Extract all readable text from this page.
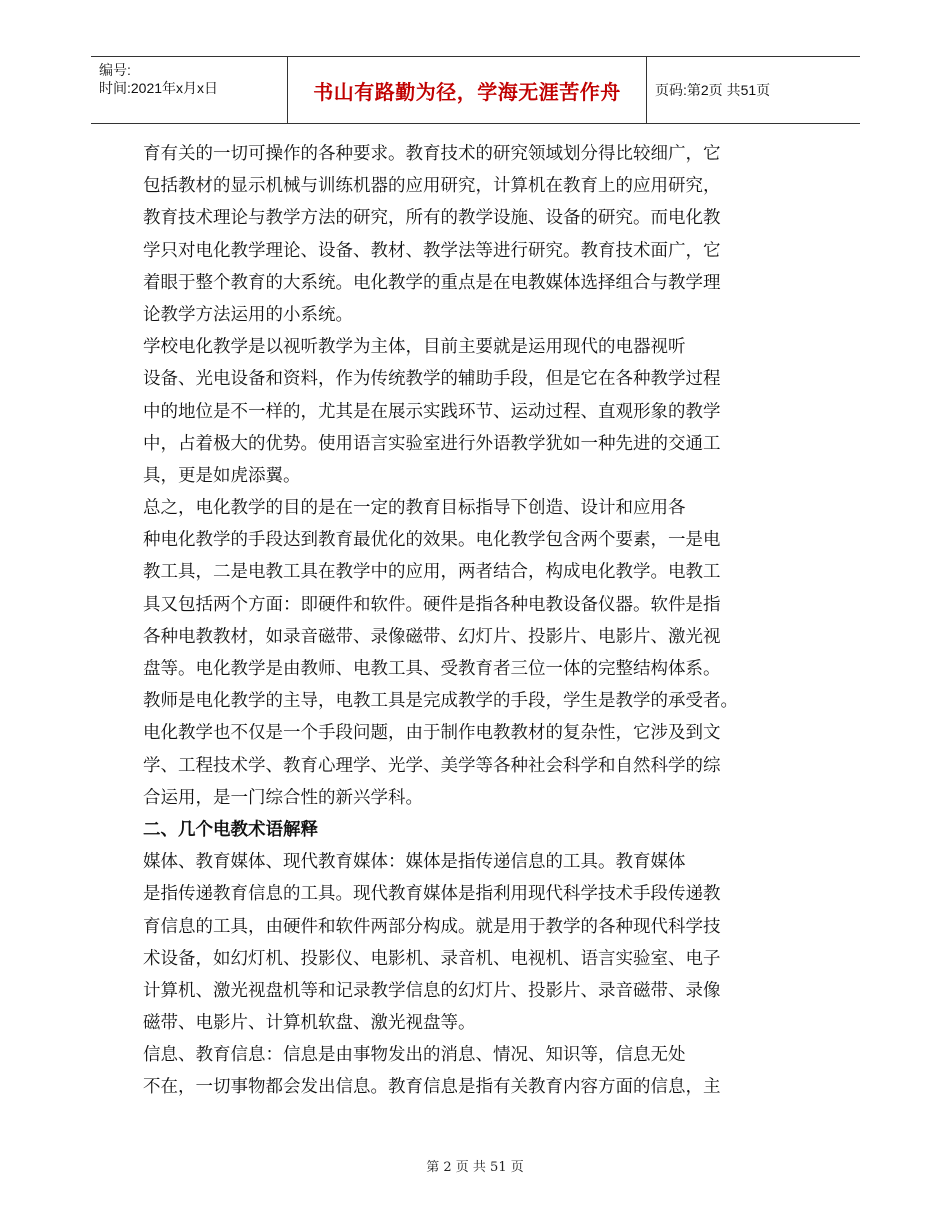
编号:
时间:2021年x月x日	书山有路勤为径，学海无涯苦作舟 页码:第2页 共51页
育有关的一切可操作的各种要求。教育技术的研究领域划分得比较细广，它
包括教材的显示机械与训练机器的应用研究，计算机在教育上的应用研究，
教育技术理论与教学方法的研究，所有的教学设施、设备的研究。而电化教
学只对电化教学理论、设备、教材、教学法等进行研究。教育技术面广，它
着眼于整个教育的大系统。电化教学的重点是在电教媒体选择组合与教学理
论教学方法运用的小系统。
学校电化教学是以视听教学为主体，目前主要就是运用现代的电器视听
设备、光电设备和资料，作为传统教学的辅助手段，但是它在各种教学过程
中的地位是不一样的，尤其是在展示实践环节、运动过程、直观形象的教学
中，占着极大的优势。使用语言实验室进行外语教学犹如一种先进的交通工
具，更是如虎添翼。
总之，电化教学的目的是在一定的教育目标指导下创造、设计和应用各
种电化教学的手段达到教育最优化的效果。电化教学包含两个要素，一是电
教工具，二是电教工具在教学中的应用，两者结合，构成电化教学。电教工
具又包括两个方面：即硬件和软件。硬件是指各种电教设备仪器。软件是指
各种电教教材，如录音磁带、录像磁带、幻灯片、投影片、电影片、激光视
盘等。电化教学是由教师、电教工具、受教育者三位一体的完整结构体系。
教师是电化教学的主导，电教工具是完成教学的手段，学生是教学的承受者。
电化教学也不仅是一个手段问题，由于制作电教教材的复杂性，它涉及到文
学、工程技术学、教育心理学、光学、美学等各种社会科学和自然科学的综
合运用，是一门综合性的新兴学科。
二、几个电教术语解释
媒体、教育媒体、现代教育媒体：媒体是指传递信息的工具。教育媒体
是指传递教育信息的工具。现代教育媒体是指利用现代科学技术手段传递教
育信息的工具，由硬件和软件两部分构成。就是用于教学的各种现代科学技
术设备，如幻灯机、投影仪、电影机、录音机、电视机、语言实验室、电子
计算机、激光视盘机等和记录教学信息的幻灯片、投影片、录音磁带、录像
磁带、电影片、计算机软盘、激光视盘等。
信息、教育信息：信息是由事物发出的消息、情况、知识等，信息无处
不在，一切事物都会发出信息。教育信息是指有关教育内容方面的信息，主
第 2 页 共 51 页
